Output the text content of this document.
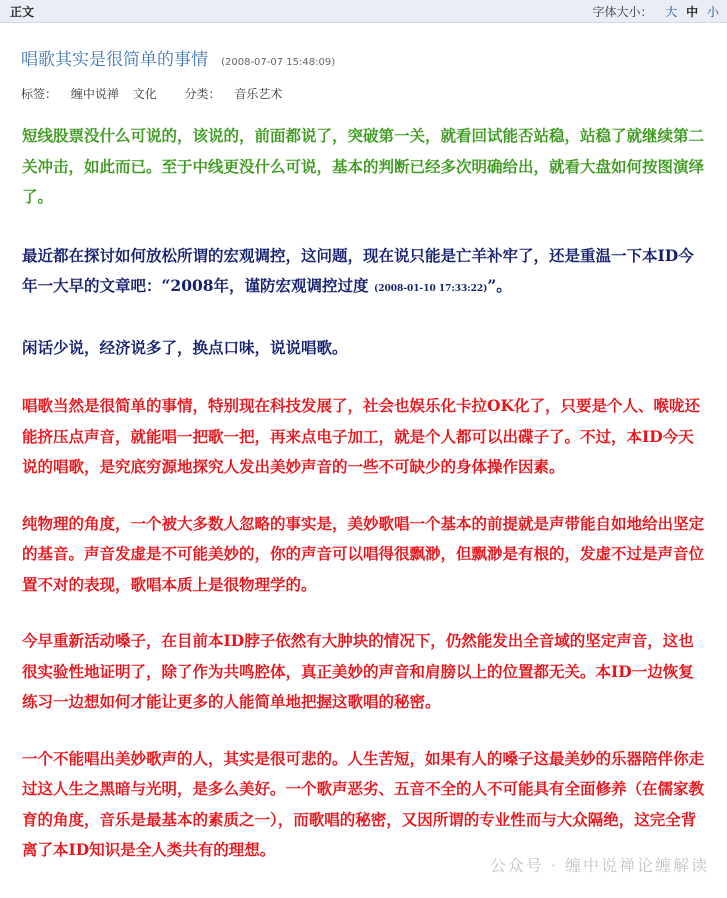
正文	字体大小： 大 中 小
唱歌其实是很简单的事情 (2008-07-07 15:48:09)
标签： 缠中说禅 文化 分类： 音乐艺术

短线股票没什么可说的，该说的，前面都说了，突破第一关，就看回试能否站稳，站稳了就继续第二关冲击，如此而已。至于中线更没什么可说，基本的判断已经多次明确给出，就看大盘如何按图演绎了。

最近都在探讨如何放松所谓的宏观调控，这问题，现在说只能是亡羊补牢了，还是重温一下本ID今年一大早的文章吧：“2008年，谨防宏观调控过度 (2008-01-10 17:33:22)”。

闲话少说，经济说多了，换点口味，说说唱歌。

唱歌当然是很简单的事情，特别现在科技发展了，社会也娱乐化卡拉OK化了，只要是个人、喉咙还能挤压点声音，就能唱一把歌一把，再来点电子加工，就是个人都可以出碟子了。不过，本ID今天说的唱歌，是究底穷源地探究人发出美妙声音的一些不可缺少的身体操作因素。

纯物理的角度，一个被大多数人忽略的事实是，美妙歌唱一个基本的前提就是声带能自如地给出坚定的基音。声音发虚是不可能美妙的，你的声音可以唱得很飘渺，但飘渺是有根的，发虚不过是声音位置不对的表现，歌唱本质上是很物理学的。

今早重新活动嗓子，在目前本ID脖子依然有大肿块的情况下，仍然能发出全音域的坚定声音，这也很实验性地证明了，除了作为共鸣腔体，真正美妙的声音和肩膀以上的位置都无关。本ID一边恢复练习一边想如何才能让更多的人能简单地把握这歌唱的秘密。

一个不能唱出美妙歌声的人，其实是很可悲的。人生苦短，如果有人的嗓子这最美妙的乐器陪伴你走过这人生之黑暗与光明，是多么美好。一个歌声恶劣、五音不全的人不可能具有全面修养（在儒家教育的角度，音乐是最基本的素质之一），而歌唱的秘密，又因所谓的专业性而与大众隔绝，这完全背离了本ID知识是全人类共有的理想。

公众号 · 缠中说禅论缠解读
